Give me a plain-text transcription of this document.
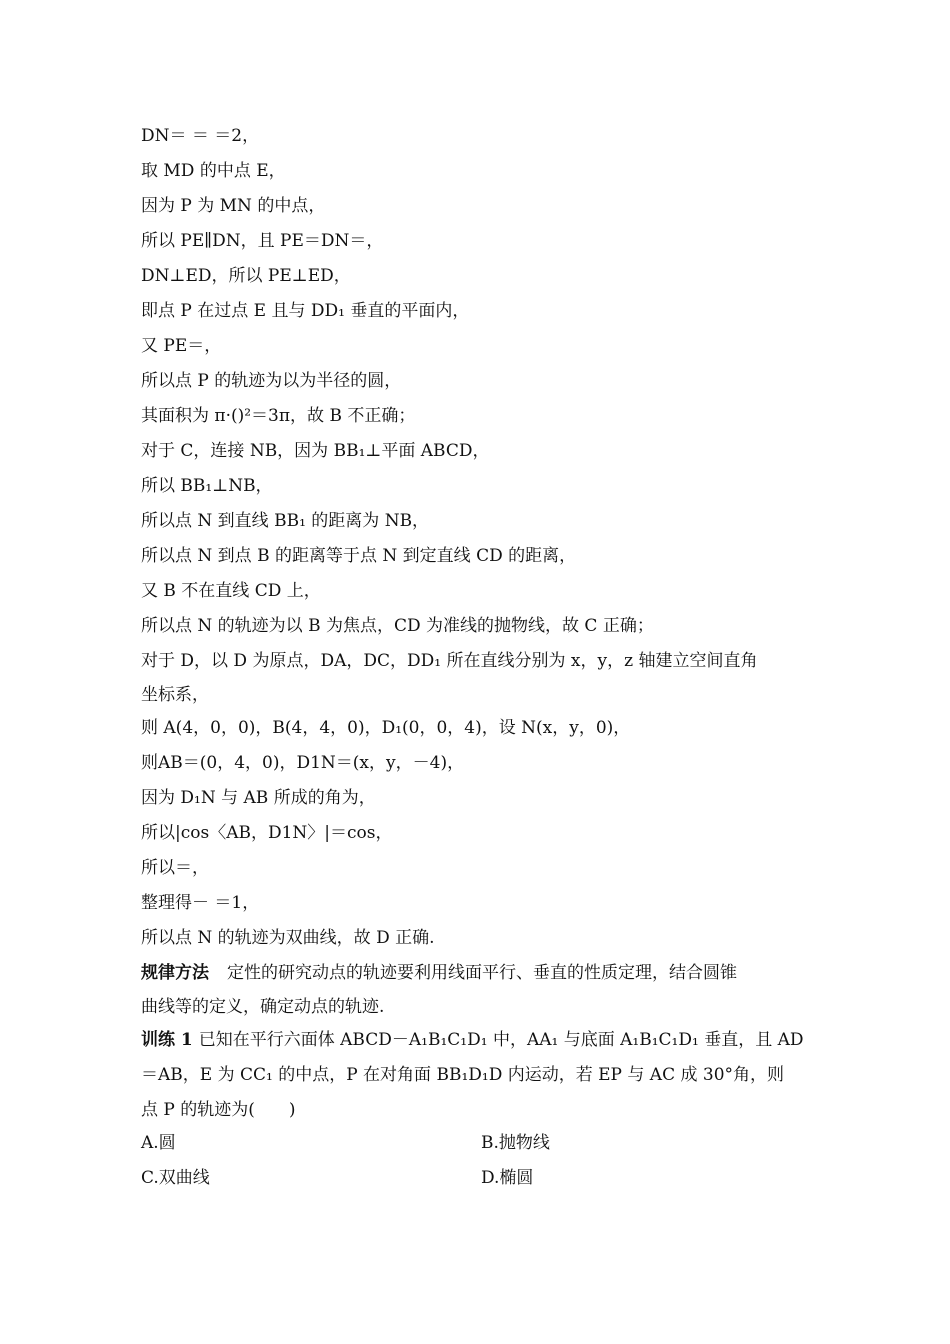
DN＝ ＝ ＝2，
取 MD 的中点 E，
因为 P 为 MN 的中点，
所以 PE∥DN，且 PE＝DN＝，
DN⊥ED，所以 PE⊥ED，
即点 P 在过点 E 且与 DD₁ 垂直的平面内，
又 PE＝，
所以点 P 的轨迹为以为半径的圆，
其面积为 π·()²＝3π，故 B 不正确；
对于 C，连接 NB，因为 BB₁⊥平面 ABCD，
所以 BB₁⊥NB，
所以点 N 到直线 BB₁ 的距离为 NB，
所以点 N 到点 B 的距离等于点 N 到定直线 CD 的距离，
又 B 不在直线 CD 上，
所以点 N 的轨迹为以 B 为焦点，CD 为准线的抛物线，故 C 正确；
对于 D，以 D 为原点，DA，DC，DD₁ 所在直线分别为 x，y，z 轴建立空间直角
坐标系，
则 A(4，0，0)，B(4，4，0)，D₁(0，0，4)，设 N(x，y，0)，
则AB＝(0，4，0)，D1N＝(x，y，－4)，
因为 D₁N 与 AB 所成的角为，
所以|cos〈AB，D1N〉|＝cos，
所以＝，
整理得－ ＝1，
所以点 N 的轨迹为双曲线，故 D 正确.
规律方法 定性的研究动点的轨迹要利用线面平行、垂直的性质定理，结合圆锥
曲线等的定义，确定动点的轨迹.
训练 1 已知在平行六面体 ABCD－A₁B₁C₁D₁ 中，AA₁ 与底面 A₁B₁C₁D₁ 垂直，且 AD
＝AB，E 为 CC₁ 的中点，P 在对角面 BB₁D₁D 内运动，若 EP 与 AC 成 30°角，则
点 P 的轨迹为(　　)
A.圆	B.抛物线
C.双曲线	D.椭圆
